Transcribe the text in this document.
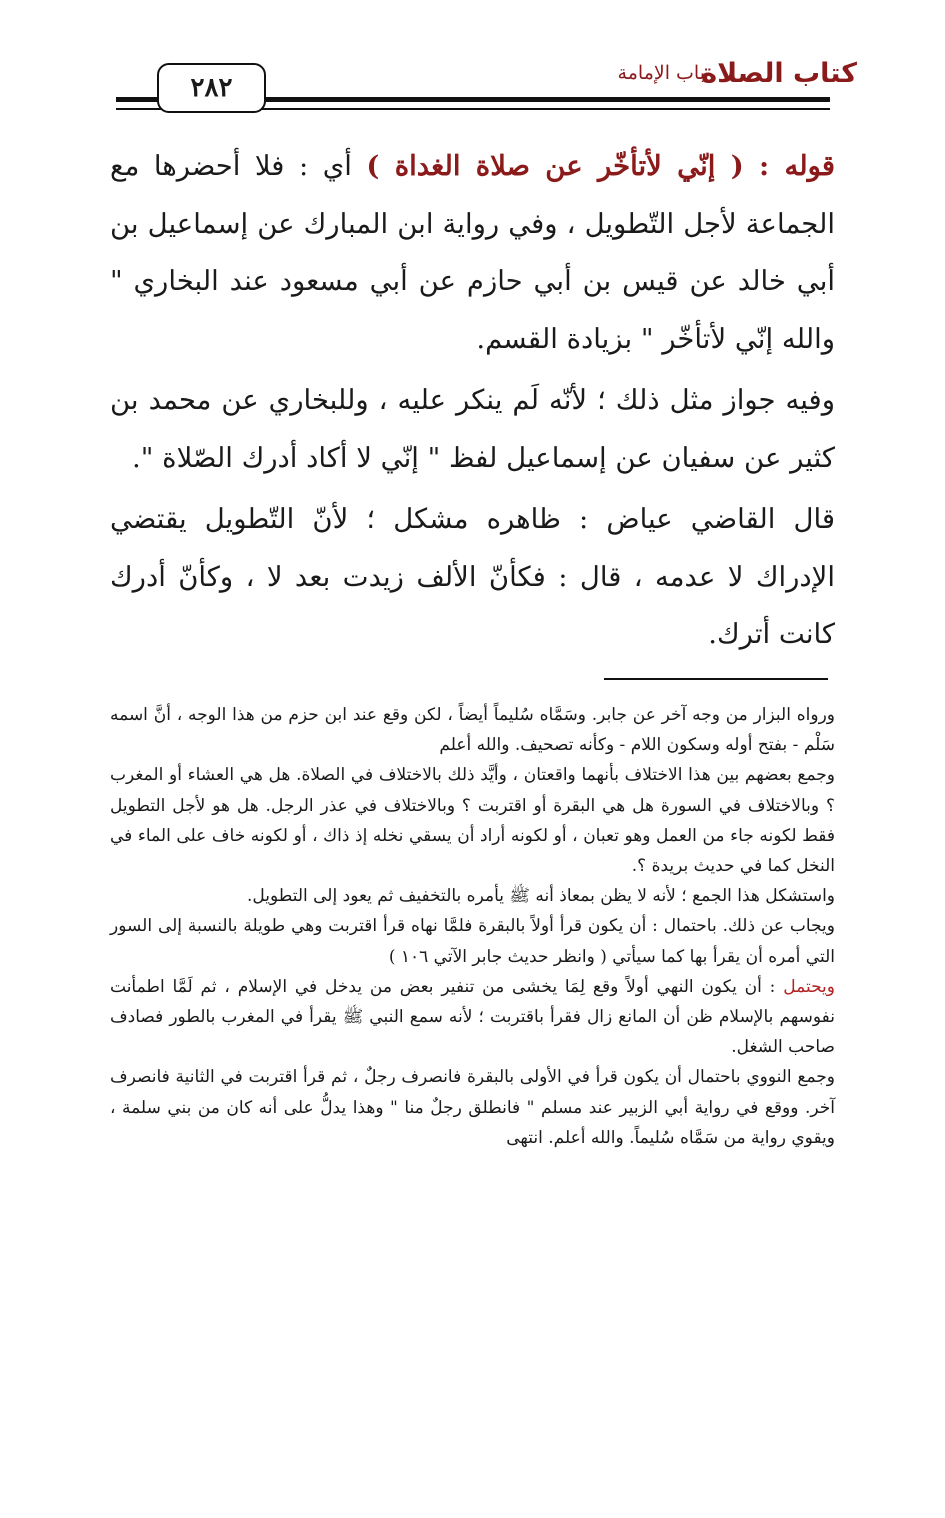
كتاب الصلاة
باب الإمامة
٢٨٢

قوله : ( إنّي لأتأخّر عن صلاة الغداة ) أي : فلا أحضرها مع الجماعة لأجل التّطويل ، وفي رواية ابن المبارك عن إسماعيل بن أبي خالد عن قيس بن أبي حازم عن أبي مسعود عند البخاري " والله إنّي لأتأخّر " بزيادة القسم.

وفيه جواز مثل ذلك ؛ لأنّه لَم ينكر عليه ، وللبخاري عن محمد بن كثير عن سفيان عن إسماعيل لفظ " إنّي لا أكاد أدرك الصّلاة ".

قال القاضي عياض : ظاهره مشكل ؛ لأنّ التّطويل يقتضي الإدراك لا عدمه ، قال : فكأنّ الألف زيدت بعد لا ، وكأنّ أدرك كانت أترك.

ورواه البزار من وجه آخر عن جابر. وسَمَّاه سُليماً أيضاً ، لكن وقع عند ابن حزم من هذا الوجه ، أنَّ اسمه سَلْم - بفتح أوله وسكون اللام - وكأنه تصحيف. والله أعلم

وجمع بعضهم بين هذا الاختلاف بأنهما واقعتان ، وأيَّد ذلك بالاختلاف في الصلاة. هل هي العشاء أو المغرب ؟ وبالاختلاف في السورة هل هي البقرة أو اقتربت ؟ وبالاختلاف في عذر الرجل. هل هو لأجل التطويل فقط لكونه جاء من العمل وهو تعبان ، أو لكونه أراد أن يسقي نخله إذ ذاك ، أو لكونه خاف على الماء في النخل كما في حديث بريدة ؟.

واستشكل هذا الجمع ؛ لأنه لا يظن بمعاذ أنه ﷺ يأمره بالتخفيف ثم يعود إلى التطويل.

ويجاب عن ذلك. باحتمال : أن يكون قرأ أولاً بالبقرة فلمَّا نهاه قرأ اقتربت وهي طويلة بالنسبة إلى السور التي أمره أن يقرأ بها كما سيأتي ( وانظر حديث جابر الآتي ١٠٦ )

ويحتمل : أن يكون النهي أولاً وقع لِمَا يخشى من تنفير بعض من يدخل في الإسلام ، ثم لَمَّا اطمأنت نفوسهم بالإسلام ظن أن المانع زال فقرأ باقتربت ؛ لأنه سمع النبي ﷺ يقرأ في المغرب بالطور فصادف صاحب الشغل.

وجمع النووي باحتمال أن يكون قرأ في الأولى بالبقرة فانصرف رجلٌ ، ثم قرأ اقتربت في الثانية فانصرف آخر. ووقع في رواية أبي الزبير عند مسلم " فانطلق رجلٌ منا " وهذا يدلُّ على أنه كان من بني سلمة ، ويقوي رواية من سَمَّاه سُليماً. والله أعلم. انتهى
